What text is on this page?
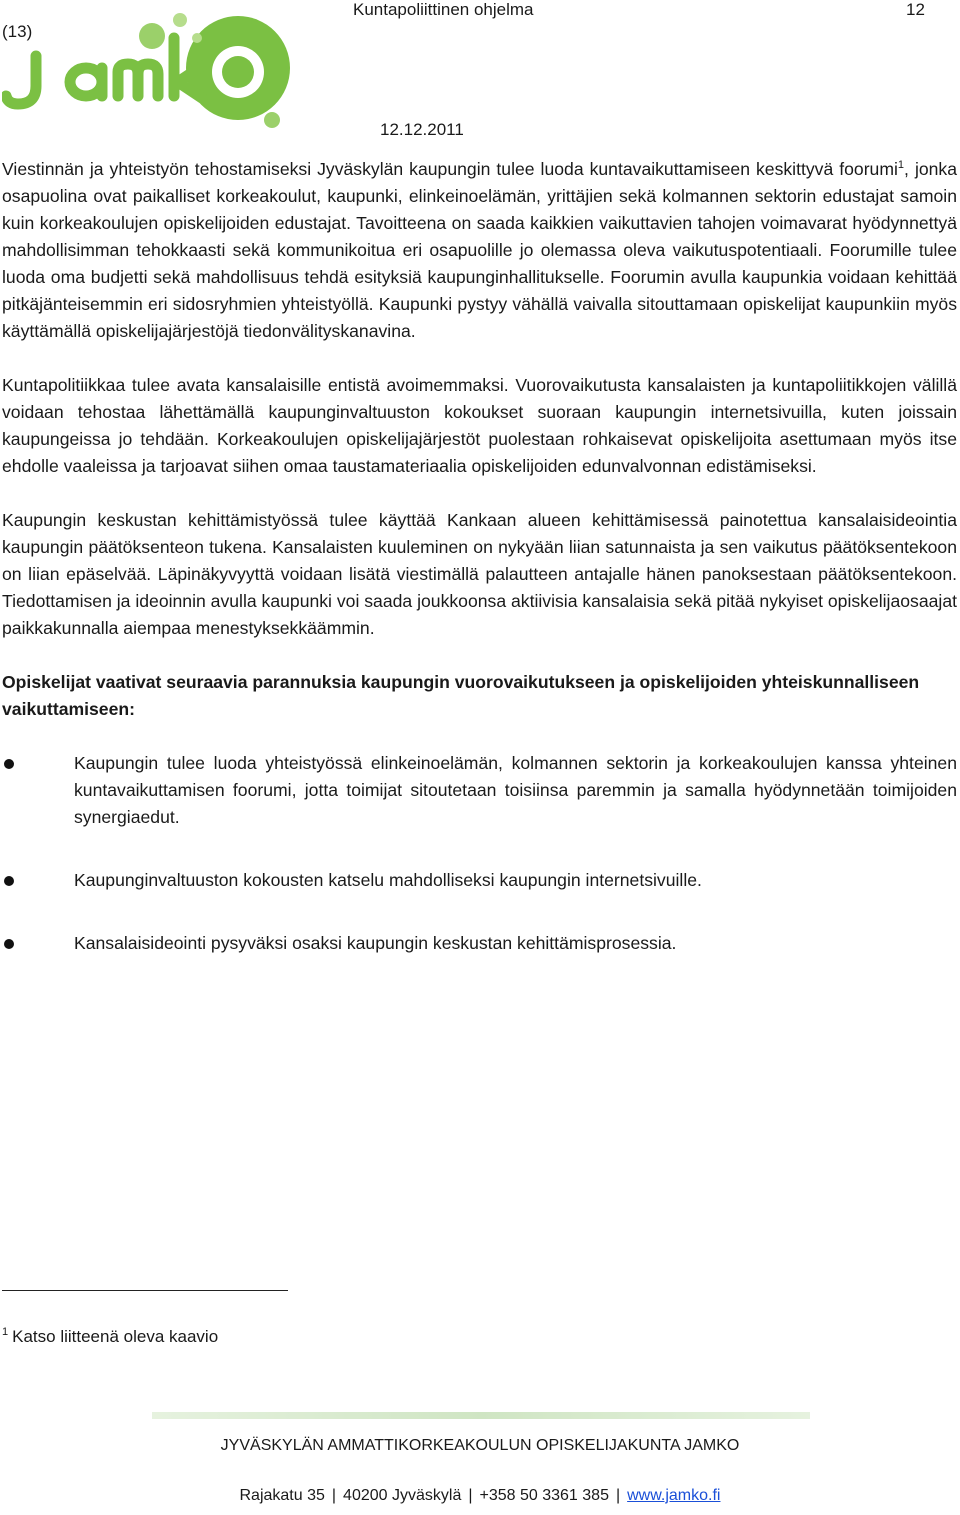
Kuntapoliittinen ohjelma	12
(13)
12.12.2011

Viestinnän ja yhteistyön tehostamiseksi Jyväskylän kaupungin tulee luoda kuntavaikuttamiseen keskittyvä foorumi$^1$, jonka osapuolina ovat paikalliset korkeakoulut, kaupunki, elinkeinoelämän, yrittäjien sekä kolmannen sektorin edustajat samoin kuin korkeakoulujen opiskelijoiden edustajat. Tavoitteena on saada kaikkien vaikuttavien tahojen voimavarat hyödynnettyä mahdollisimman tehokkaasti sekä kommunikoitua eri osapuolille jo olemassa oleva vaikutuspotentiaali. Foorumille tulee luoda oma budjetti sekä mahdollisuus tehdä esityksiä kaupunginhallitukselle. Foorumin avulla kaupunkia voidaan kehittää pitkäjänteisemmin eri sidosryhmien yhteistyöllä. Kaupunki pystyy vähällä vaivalla sitouttamaan opiskelijat kaupunkiin myös käyttämällä opiskelijajärjestöjä tiedonvälityskanavina.

Kuntapolitiikkaa tulee avata kansalaisille entistä avoimemmaksi. Vuorovaikutusta kansalaisten ja kuntapoliitikkojen välillä voidaan tehostaa lähettämällä kaupunginvaltuuston kokoukset suoraan kaupungin internetsivuilla, kuten joissain kaupungeissa jo tehdään. Korkeakoulujen opiskelijajärjestöt puolestaan rohkaisevat opiskelijoita asettumaan myös itse ehdolle vaaleissa ja tarjoavat siihen omaa taustamateriaalia opiskelijoiden edunvalvonnan edistämiseksi.

Kaupungin keskustan kehittämistyössä tulee käyttää Kankaan alueen kehittämisessä painotettua kansalaisideointia kaupungin päätöksenteon tukena. Kansalaisten kuuleminen on nykyään liian satunnaista ja sen vaikutus päätöksentekoon on liian epäselvää. Läpinäkyvyyttä voidaan lisätä viestimällä palautteen antajalle hänen panoksestaan päätöksentekoon. Tiedottamisen ja ideoinnin avulla kaupunki voi saada joukkoonsa aktiivisia kansalaisia sekä pitää nykyiset opiskelijaosaajat paikkakunnalla aiempaa menestyksekkäämmin.

Opiskelijat vaativat seuraavia parannuksia kaupungin vuorovaikutukseen ja opiskelijoiden yhteiskunnalliseen vaikuttamiseen:

Kaupungin tulee luoda yhteistyössä elinkeinoelämän, kolmannen sektorin ja korkeakoulujen kanssa yhteinen kuntavaikuttamisen foorumi, jotta toimijat sitoutetaan toisiinsa paremmin ja samalla hyödynnetään toimijoiden synergiaedut.
Kaupunginvaltuuston kokousten katselu mahdolliseksi kaupungin internetsivuille.
Kansalaisideointi pysyväksi osaksi kaupungin keskustan kehittämisprosessia.
$^1$ Katso liitteenä oleva kaavio
JYVÄSKYLÄN AMMATTIKORKEAKOULUN OPISKELIJAKUNTA JAMKO
Rajakatu 35 | 40200 Jyväskylä | +358 50 3361 385 | www.jamko.fi
